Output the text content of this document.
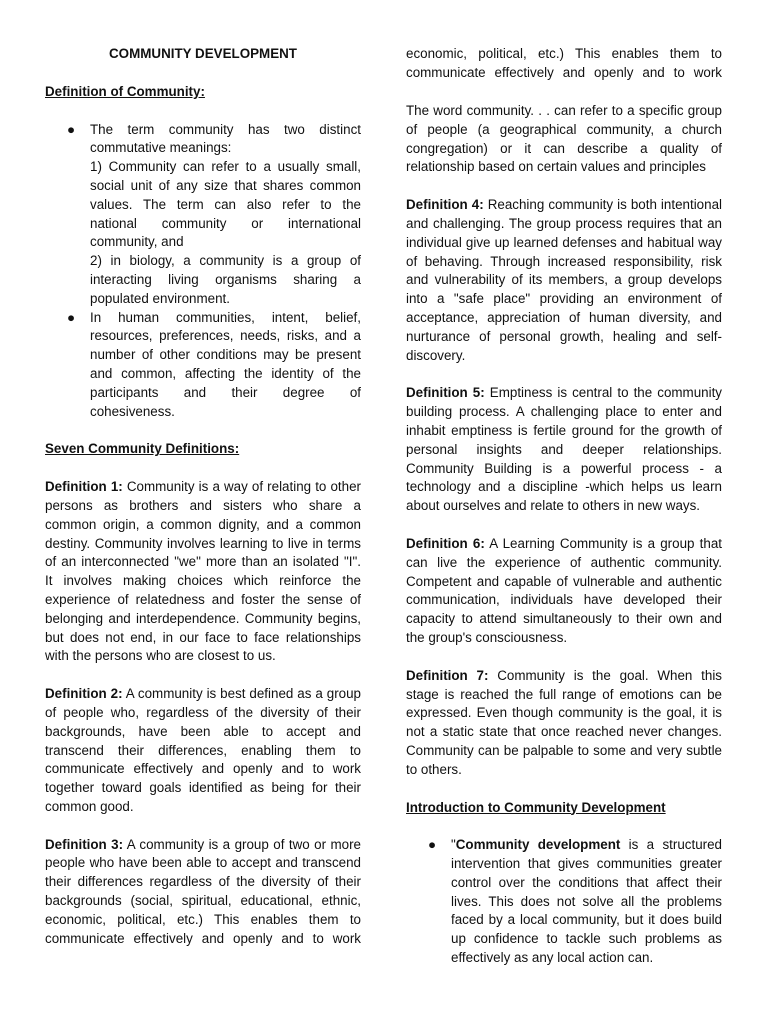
COMMUNITY DEVELOPMENT
Definition of Community:
● The term community has two distinct commutative meanings:
1) Community can refer to a usually small, social unit of any size that shares common values. The term can also refer to the national community or international community, and
2) in biology, a community is a group of interacting living organisms sharing a populated environment.
● In human communities, intent, belief, resources, preferences, needs, risks, and a number of other conditions may be present and common, affecting the identity of the participants and their degree of cohesiveness.
Seven Community Definitions:
Definition 1: Community is a way of relating to other persons as brothers and sisters who share a common origin, a common dignity, and a common destiny. Community involves learning to live in terms of an interconnected "we" more than an isolated "I". It involves making choices which reinforce the experience of relatedness and foster the sense of belonging and interdependence. Community begins, but does not end, in our face to face relationships with the persons who are closest to us.
Definition 2: A community is best defined as a group of people who, regardless of the diversity of their backgrounds, have been able to accept and transcend their differences, enabling them to communicate effectively and openly and to work together toward goals identified as being for their common good.
Definition 3: A community is a group of two or more people who have been able to accept and transcend their differences regardless of the diversity of their backgrounds (social, spiritual, educational, ethnic, economic, political, etc.) This enables them to communicate effectively and openly and to work
economic, political, etc.) This enables them to communicate effectively and openly and to work
The word community. . . can refer to a specific group of people (a geographical community, a church congregation) or it can describe a quality of relationship based on certain values and principles
Definition 4: Reaching community is both intentional and challenging. The group process requires that an individual give up learned defenses and habitual way of behaving. Through increased responsibility, risk and vulnerability of its members, a group develops into a "safe place" providing an environment of acceptance, appreciation of human diversity, and nurturance of personal growth, healing and self-discovery.
Definition 5: Emptiness is central to the community building process. A challenging place to enter and inhabit emptiness is fertile ground for the growth of personal insights and deeper relationships. Community Building is a powerful process - a technology and a discipline -which helps us learn about ourselves and relate to others in new ways.
Definition 6: A Learning Community is a group that can live the experience of authentic community. Competent and capable of vulnerable and authentic communication, individuals have developed their capacity to attend simultaneously to their own and the group's consciousness.
Definition 7: Community is the goal. When this stage is reached the full range of emotions can be expressed. Even though community is the goal, it is not a static state that once reached never changes. Community can be palpable to some and very subtle to others.
Introduction to Community Development
● "Community development is a structured intervention that gives communities greater control over the conditions that affect their lives. This does not solve all the problems faced by a local community, but it does build up confidence to tackle such problems as effectively as any local action can.
